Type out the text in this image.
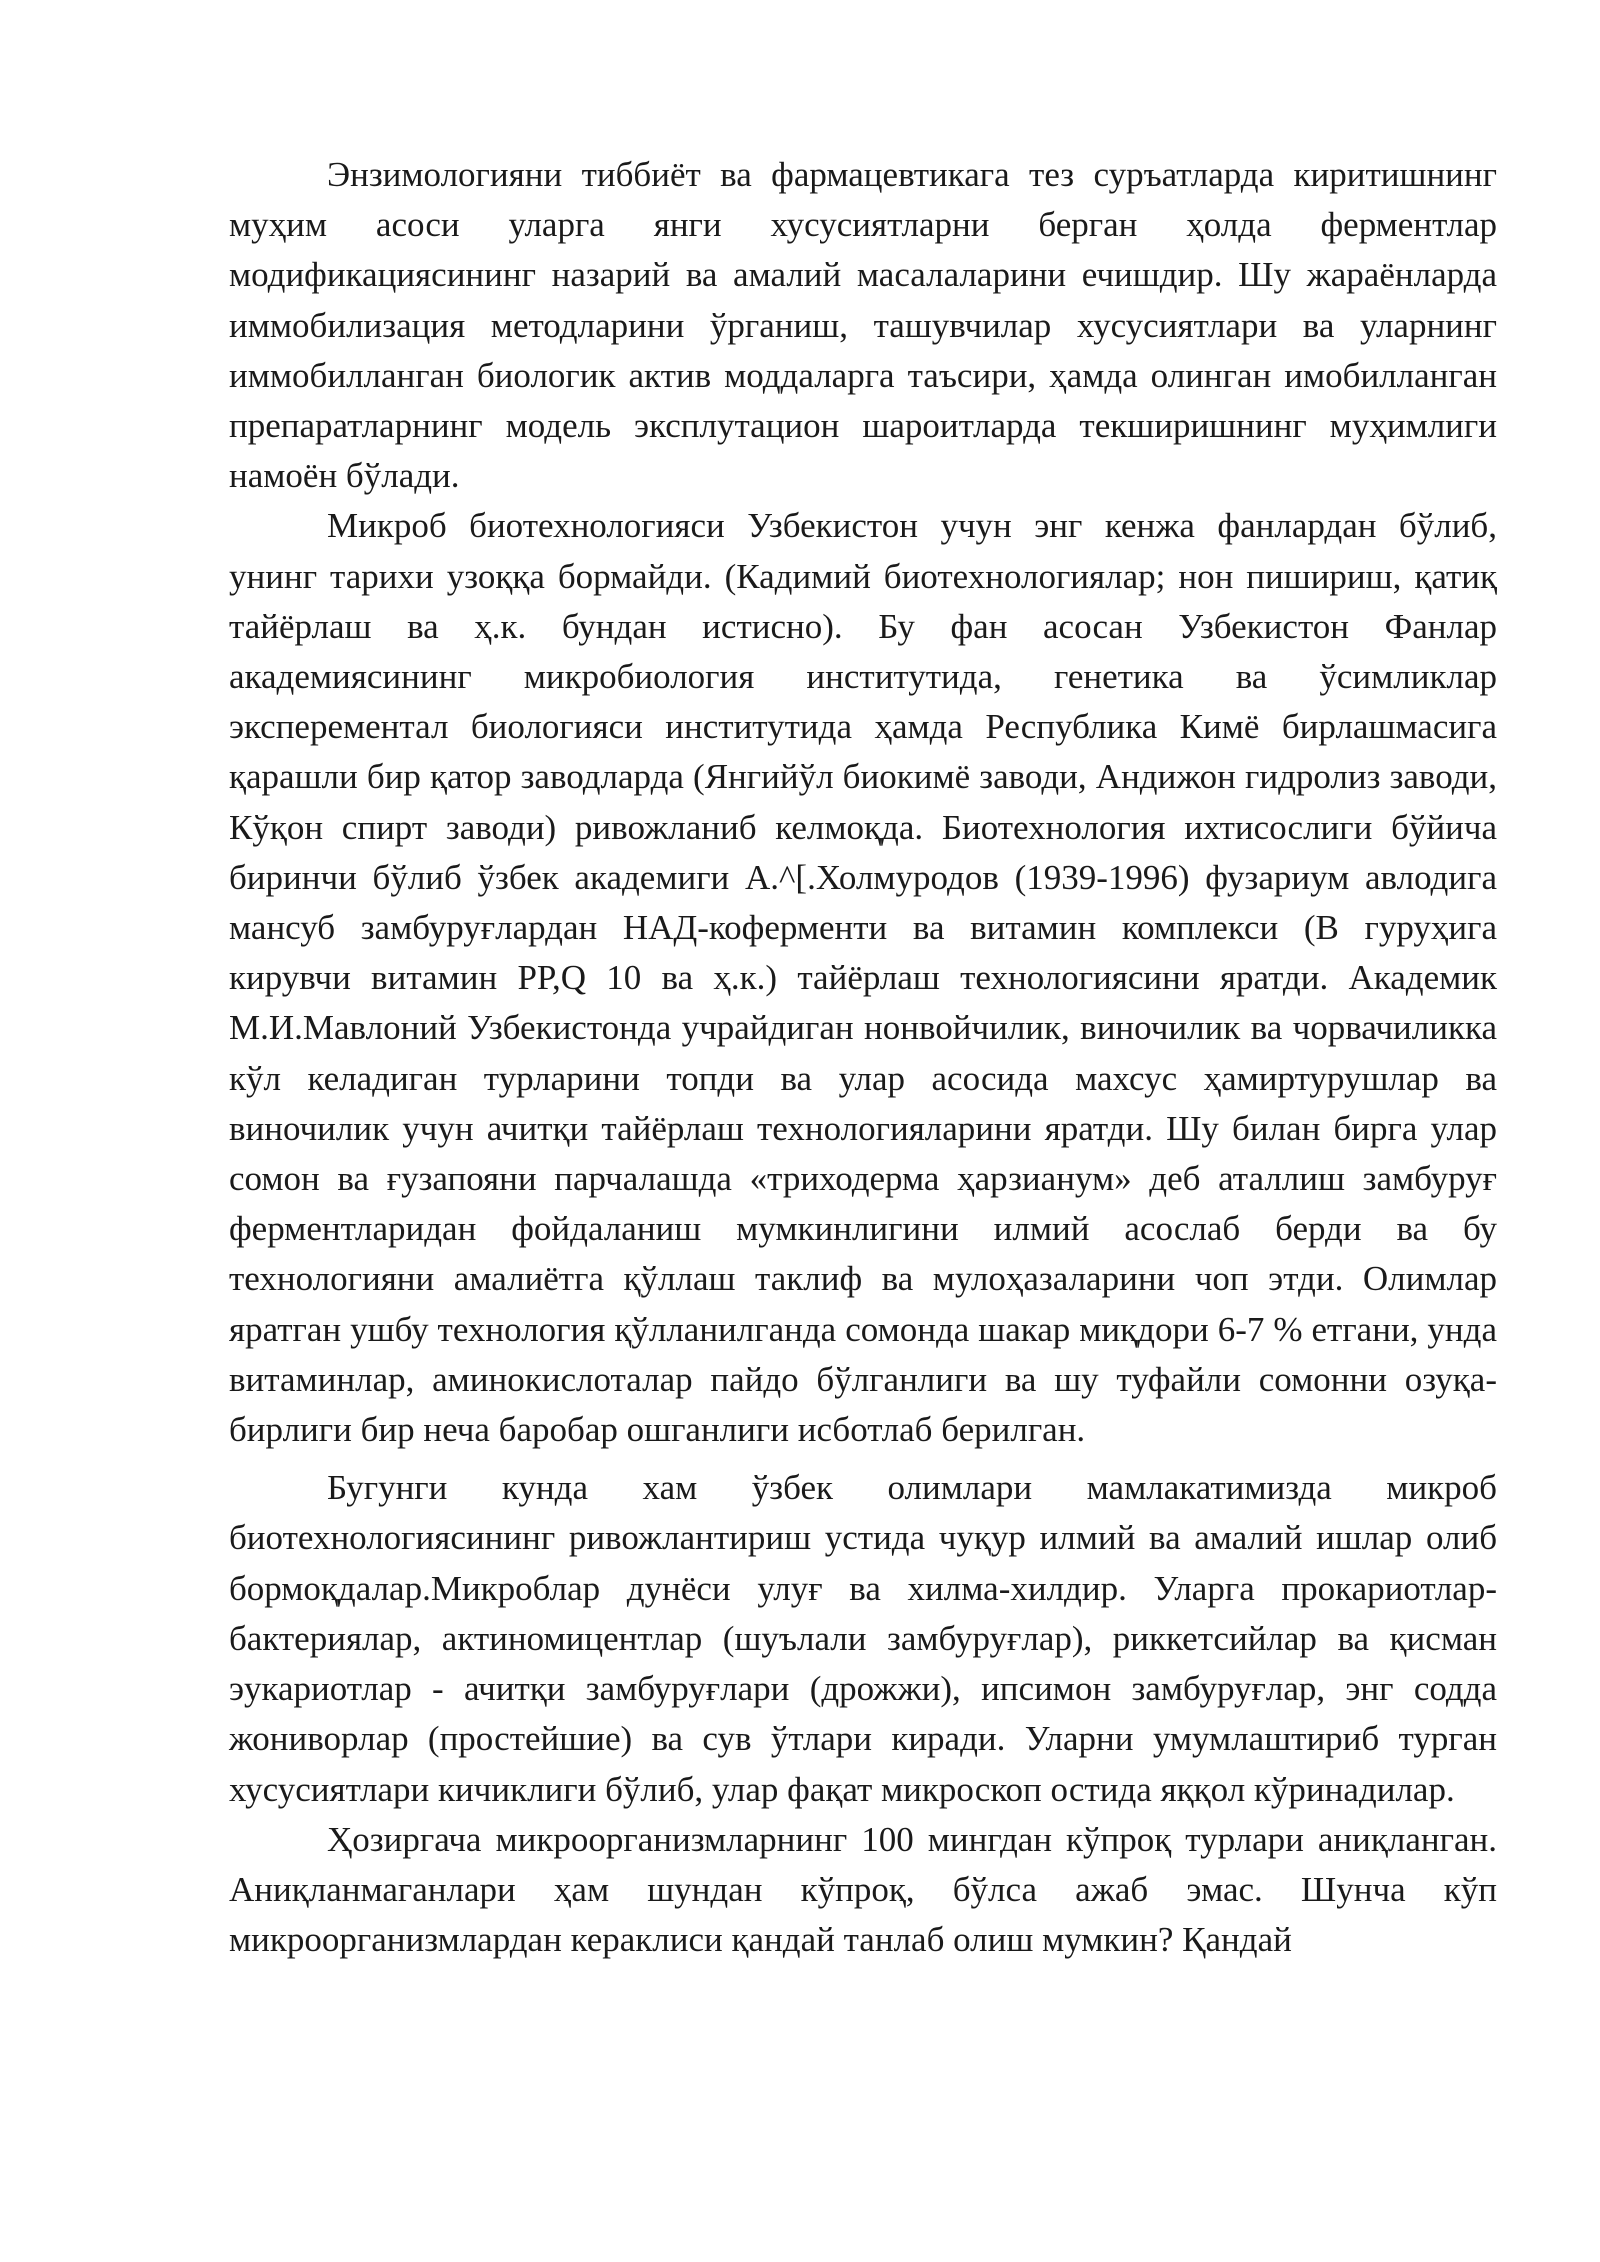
Энзимологияни тиббиёт ва фармацевтикага тез суръатларда киритишнинг муҳим асоси уларга янги хусусиятларни берган ҳолда ферментлар модификациясининг назарий ва амалий масалаларини ечишдир. Шу жараёнларда иммобилизация методларини ўрганиш, ташувчилар хусусиятлари ва уларнинг иммобилланган биологик актив моддаларга таъсири, ҳамда олинган имобилланган препаратларнинг модель эксплутацион шароитларда текширишнинг муҳимлиги намоён бўлади.

Микроб биотехнологияси Узбекистон учун энг кенжа фанлардан бўлиб, унинг тарихи узоққа бормайди. (Кадимий биотехнологиялар; нон пишириш, қатиқ тайёрлаш ва ҳ.к. бундан истисно). Бу фан асосан Узбекистон Фанлар академиясининг микробиология институтида, генетика ва ўсимликлар эксперементал биологияси институтида ҳамда Республика Кимё бирлашмасига қарашли бир қатор заводларда (Янгийўл биокимё заводи, Андижон гидролиз заводи, Кўқон спирт заводи) ривожланиб келмоқда. Биотехнология ихтисослиги бўйича биринчи бўлиб ўзбек академиги А.^[.Холмуродов (1939-1996) фузариум авлодига мансуб замбуруғлардан НАД-коферменти ва витамин комплекси (В гуруҳига кирувчи витамин РР,Q 10 ва ҳ.к.) тайёрлаш технологиясини яратди. Академик М.И.Мавлоний Узбекистонда учрайдиган нонвойчилик, виночилик ва чорвачиликка кўл келадиган турларини топди ва улар асосида махсус ҳамиртурушлар ва виночилик учун ачитқи тайёрлаш технологияларини яратди. Шу билан бирга улар сомон ва ғузапояни парчалашда «триходерма ҳарзианум» деб аталлиш замбуруғ ферментларидан фойдаланиш мумкинлигини илмий асослаб берди ва бу технологияни амалиётга қўллаш таклиф ва мулоҳазаларини чоп этди. Олимлар яратган ушбу технология қўлланилганда сомонда шакар миқдори 6-7 % етгани, унда витаминлар, аминокислоталар пайдо бўлганлиги ва шу туфайли сомонни озуқа-бирлиги бир неча баробар ошганлиги исботлаб берилган.

Бугунги кунда хам ўзбек олимлари мамлакатимизда микроб биотехнологиясининг ривожлантириш устида чуқур илмий ва амалий ишлар олиб бормоқдалар.Микроблар дунёси улуғ ва хилма-хилдир. Уларга прокариотлар-бактериялар, актиномицентлар (шуълали замбуруғлар), риккетсийлар ва қисман эукариотлар - ачитқи замбуруғлари (дрожжи), ипсимон замбуруғлар, энг содда жониворлар (простейшие) ва сув ўтлари киради. Уларни умумлаштириб турган хусусиятлари кичиклиги бўлиб, улар фақат микроскоп остида яққол кўринадилар.

Ҳозиргача микроорганизмларнинг 100 мингдан кўпроқ турлари аниқланган. Аниқланмаганлари ҳам шундан кўпроқ, бўлса ажаб эмас. Шунча кўп микроорганизмлардан кераклиси қандай танлаб олиш мумкин? Қандай
